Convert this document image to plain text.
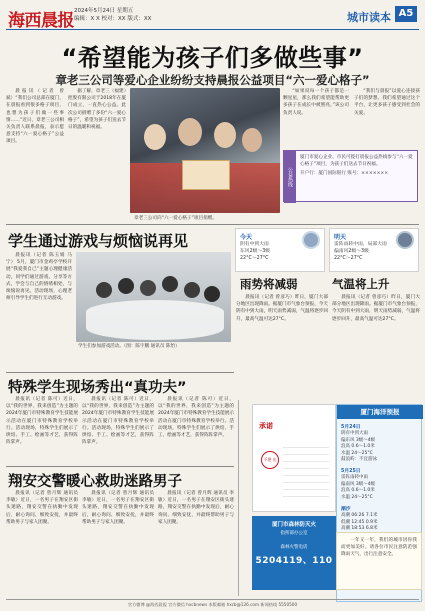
海西晨报 2024年5月24日 星期五
编辑：X X 校对：XX 版式：XX	城市读本 A5
“希望能为孩子们多做些事”
章老三公司等爱心企业纷纷支持晨报公益项目“六一爱心格子”

晨报讯（记者 曾斌）“我们公司总部在厦门，在晨报看到很多格子项目，也想为孩子们做一些事情……”近日，章老三公司相关负责人联系晨报，表示愿意支持“六一爱心格子”公益项目。

据了解，章老三（福建）控股有限公司于2018年在厦门成立，一直热心公益。此次公司捐赠了多份“六一爱心格子”，希望为孩子们送去节日的温暖和祝福。

章老三公司向“六一爱心格子”项目捐赠。

“如果说每一个孩子都是一颗星星，那么我们希望能帮助更多孩子在成长中被照亮。”该公司负责人说。

“我们与晨报”以爱心连接孩子们的梦想。我们希望通过这个平台，让更多孩子感受到社会的关爱。

公益热线
厦门市爱心企业、市民可拨打晨报公益热线参与“六一爱心格子”项目，为孩子们送去节日祝福。
开户行：厦门国际银行 账号：×××××××
学生通过游戏与烦恼说再见

晨报讯（记者 陈玉娟 马宁） 5月，厦门市金鸡亭学校开展“我爱我自己”主题心理健康活动，同学们通过游戏、分享等方式，学会与自己的情绪相处，与烦恼说再见。活动现场，心理老师引导学生们进行互动游戏。

学生们参加游戏活动。（图：陈宇鹏 通讯员 陈怡）
今天
阴有中到大雨
东风2级～3级
22°C～27°C
明天
雷阵雨转中雨，局部大雨
偏南风2级～3级
22°C～27°C
雨势将减弱	气温将上升

晨报讯（记者 曾彦巧）昨日，厦门大部分地区出现降雨。据厦门市气象台预报，今天阴有中到大雨，明天雨势减弱，气温将逐步回升，最高气温可达27°C。

晨报讯（记者 曾彦巧）昨日，厦门大部分地区出现降雨。据厦门市气象台预报，今天阴有中到大雨，明天雨势减弱，气温将逐步回升，最高气温可达27°C。

特殊学生现场秀出“真功夫”

晨报讯（记者 陈可）近日，以“我的世界，我来创造”为主题的2024年厦门市特殊教育学生技能展示活动在厦门市特殊教育学校举行。活动现场，特殊学生们展示了烘焙、手工、绘画等才艺，获得阵阵掌声。

晨报讯（记者 陈可）近日，以“我的世界，我来创造”为主题的2024年厦门市特殊教育学生技能展示活动在厦门市特殊教育学校举行。活动现场，特殊学生们展示了烘焙、手工、绘画等才艺，获得阵阵掌声。

晨报讯（记者 陈可）近日，以“我的世界，我来创造”为主题的2024年厦门市特殊教育学生技能展示活动在厦门市特殊教育学校举行。活动现场，特殊学生们展示了烘焙、手工、绘画等才艺，获得阵阵掌声。

翔安交警暖心救助迷路男子

晨报讯（记者 曾月辉 通讯员 李敏）近日，一名男子在翔安区街头迷路，翔安交警在执勤中发现后，耐心询问、细致安抚，并最终帮助男子与家人团聚。

晨报讯（记者 曾月辉 通讯员 李敏）近日，一名男子在翔安区街头迷路，翔安交警在执勤中发现后，耐心询问、细致安抚，并最终帮助男子与家人团聚。

晨报讯（记者 曾月辉 通讯员 李敏）近日，一名男子在翔安区街头迷路，翔安交警在执勤中发现后，耐心询问、细致安抚，并最终帮助男子与家人团聚。

承诺
不堪 出
厦门市森林防灭火
指挥部办公室
森林火警电话
5204119、110
厦门海洋预报
5月24日
阴有中到大雨
偏东风 3级～4级
浪高 0.6～1.0米
水温 24～25°C
鼓浪屿：不宜游泳
5月25日
雷阵雨转中雨
偏南风 3级～4级
浪高 0.6～1.0米
水温 24～25°C
潮汐
高潮 06:26 7.1米
低潮 12:45 0.9米
高潮 18:53 6.8米

一年又一年，我们的城市因你我而更加美好。请各位市民注意防范强降雨天气，出行注意安全。

官方微博 @海西晨报 官方微信 hxcbnews 本版邮箱 hxcb@126.com 新闻热线 5550500
